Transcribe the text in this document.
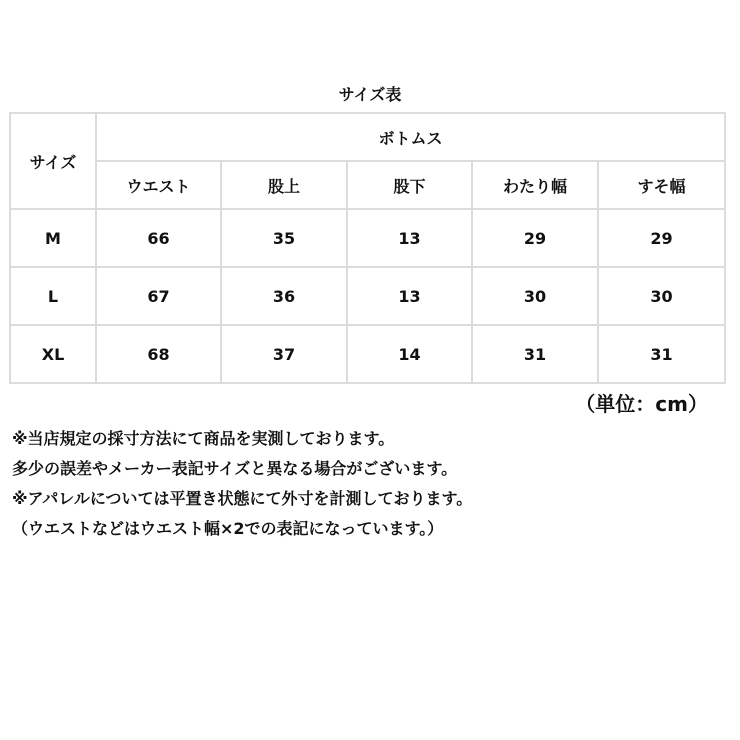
サイズ表
サイズ	ボトムス				
	ウエスト	股上	股下	わたり幅	すそ幅
M	66	35	13	29	29
L	67	36	13	30	30
XL	68	37	14	31	31
（単位：cm）
※当店規定の採寸方法にて商品を実測しております。
多少の誤差やメーカー表記サイズと異なる場合がございます。
※アパレルについては平置き状態にて外寸を計測しております。
（ウエストなどはウエスト幅×2での表記になっています。）
